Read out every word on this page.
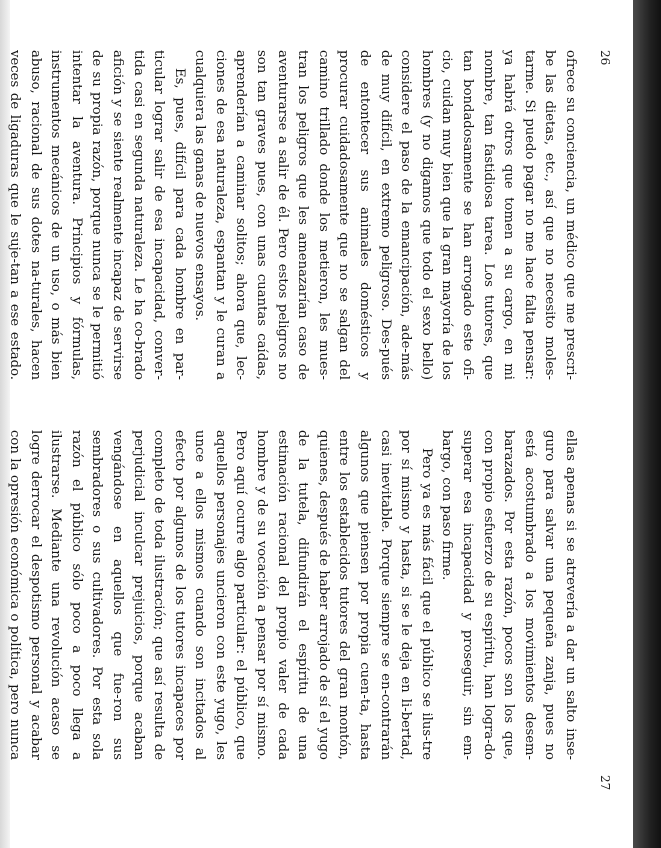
26
27

ofrece su conciencia, un médico que me prescri-be las dietas, etc., así que no necesito moles-tarme. Si puedo pagar no me hace falta pensar: ya habrá otros que tomen a su cargo, en mi nombre, tan fastidiosa tarea. Los tutores, que tan bondadosamente se han arrogado este ofi-cio, cuidan muy bien que la gran mayoría de los hombres (y no digamos que todo el sexo bello) considere el paso de la emancipación, ade-más de muy difícil, en extremo peligroso. Des-pués de entontecer sus animales domésticos y procurar cuidadosamente que no se salgan del camino trillado donde los metieron, les mues-tran los peligros que les amenazarían caso de aventurarse a salir de él. Pero estos peligros no son tan graves pues, con unas cuantas caídas, aprenderían a caminar solitos; ahora que, lec-ciones de esa naturaleza, espantan y le curan a cualquiera las ganas de nuevos ensayos.

Es, pues, difícil para cada hombre en par-ticular lograr salir de esa incapacidad, conver-tida casi en segunda naturaleza. Le ha co-brado afición y se siente realmente incapaz de servirse de su propia razón, porque nunca se le permitió intentar la aventura. Principios y fórmulas, instrumentos mecánicos de un uso, o más bien abuso, racional de sus dotes na-turales, hacen veces de ligaduras que le suje-tan a ese estado.

ellas apenas si se atrevería a dar un salto inse-guro para salvar una pequeña zanja, pues no está acostumbrado a los movimientos desem-barazados. Por esta razón, pocos son los que, con propio esfuerzo de su espíritu, han logra-do superar esa incapacidad y proseguir, sin em-bargo, con paso firme.

Pero ya es más fácil que el público se ilus-tre por sí mismo y hasta, si se le deja en li-bertad, casi inevitable. Porque siempre se en-contrarán algunos que piensen por propia cuen-ta, hasta entre los establecidos tutores del gran montón, quienes, después de haber arrojado de sí el yugo de la tutela, difundirán el espíritu de una estimación racional del propio valer de cada hombre y de su vocación a pensar por sí mismo. Pero aquí ocurre algo particular: el público, que aquellos personajes uncieron con este yugo, les unce a ellos mismos cuando son incitados al efecto por algunos de los tutores incapaces por completo de toda ilustración; que así resulta de perjudicial inculcar prejuicios, porque acaban vengándose en aquellos que fue-ron sus sembradores o sus cultivadores. Por esta sola razón el público sólo poco a poco llega a ilustrarse. Mediante una revolución acaso se logre derrocar el despotismo personal y acabar con la opresión económica o política, pero nunca
